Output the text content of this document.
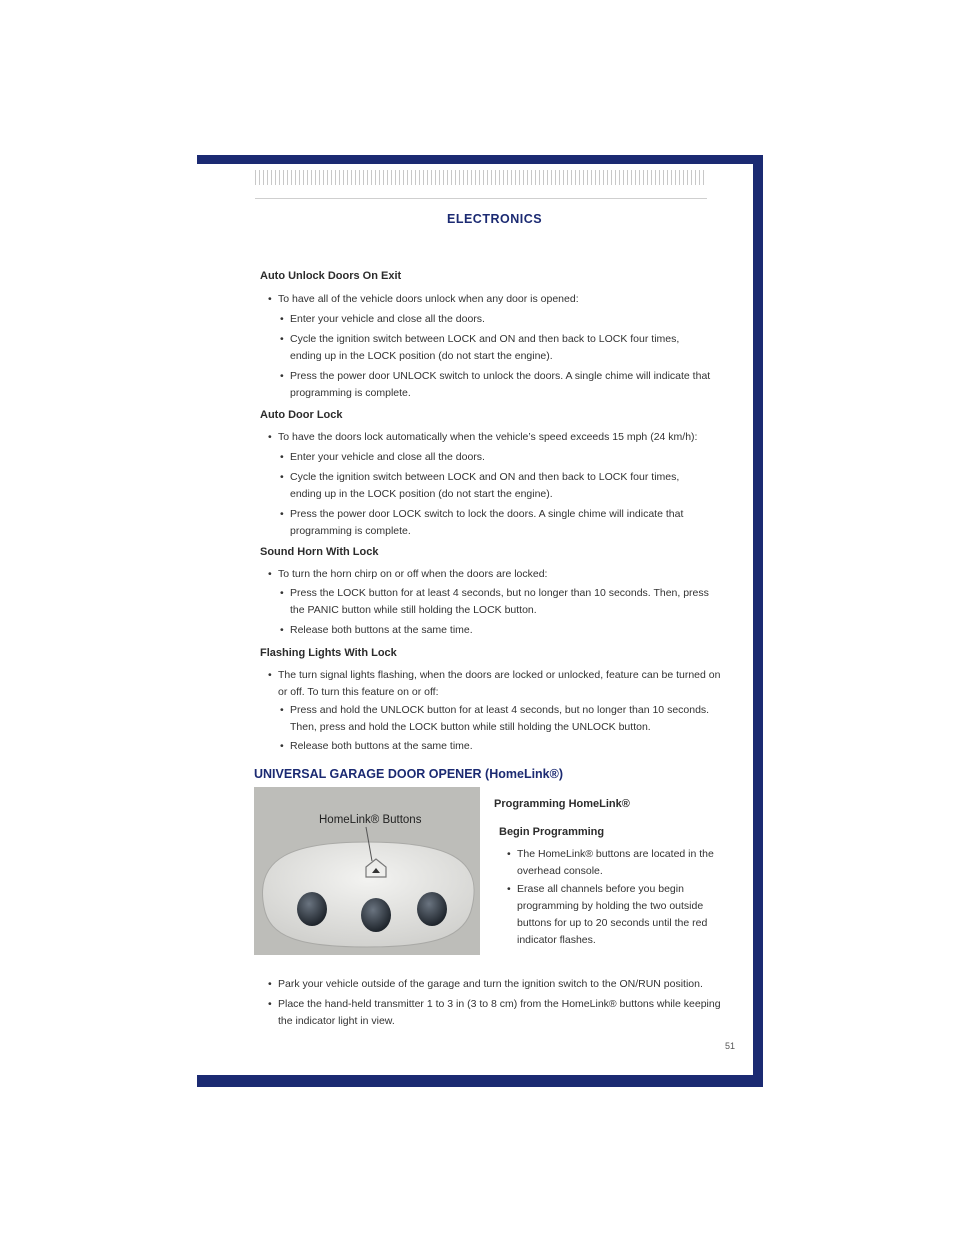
ELECTRONICS
Auto Unlock Doors On Exit
• To have all of the vehicle doors unlock when any door is opened:
• Enter your vehicle and close all the doors.
• Cycle the ignition switch between LOCK and ON and then back to LOCK four times,
ending up in the LOCK position (do not start the engine).
• Press the power door UNLOCK switch to unlock the doors. A single chime will indicate that
programming is complete.
Auto Door Lock
• To have the doors lock automatically when the vehicle’s speed exceeds 15 mph (24 km/h):
• Enter your vehicle and close all the doors.
• Cycle the ignition switch between LOCK and ON and then back to LOCK four times,
ending up in the LOCK position (do not start the engine).
• Press the power door LOCK switch to lock the doors. A single chime will indicate that
programming is complete.
Sound Horn With Lock
• To turn the horn chirp on or off when the doors are locked:
• Press the LOCK button for at least 4 seconds, but no longer than 10 seconds. Then, press
the PANIC button while still holding the LOCK button.
• Release both buttons at the same time.
Flashing Lights With Lock
• The turn signal lights flashing, when the doors are locked or unlocked, feature can be turned on
or off. To turn this feature on or off:
• Press and hold the UNLOCK button for at least 4 seconds, but no longer than 10 seconds.
Then, press and hold the LOCK button while still holding the UNLOCK button.
• Release both buttons at the same time.
UNIVERSAL GARAGE DOOR OPENER (HomeLink®)
HomeLink® Buttons
Programming HomeLink®
Begin Programming
• The HomeLink® buttons are located in the
overhead console.
• Erase all channels before you begin
programming by holding the two outside
buttons for up to 20 seconds until the red
indicator flashes.
• Park your vehicle outside of the garage and turn the ignition switch to the ON/RUN position.
• Place the hand-held transmitter 1 to 3 in (3 to 8 cm) from the HomeLink® buttons while keeping
the indicator light in view.
51
